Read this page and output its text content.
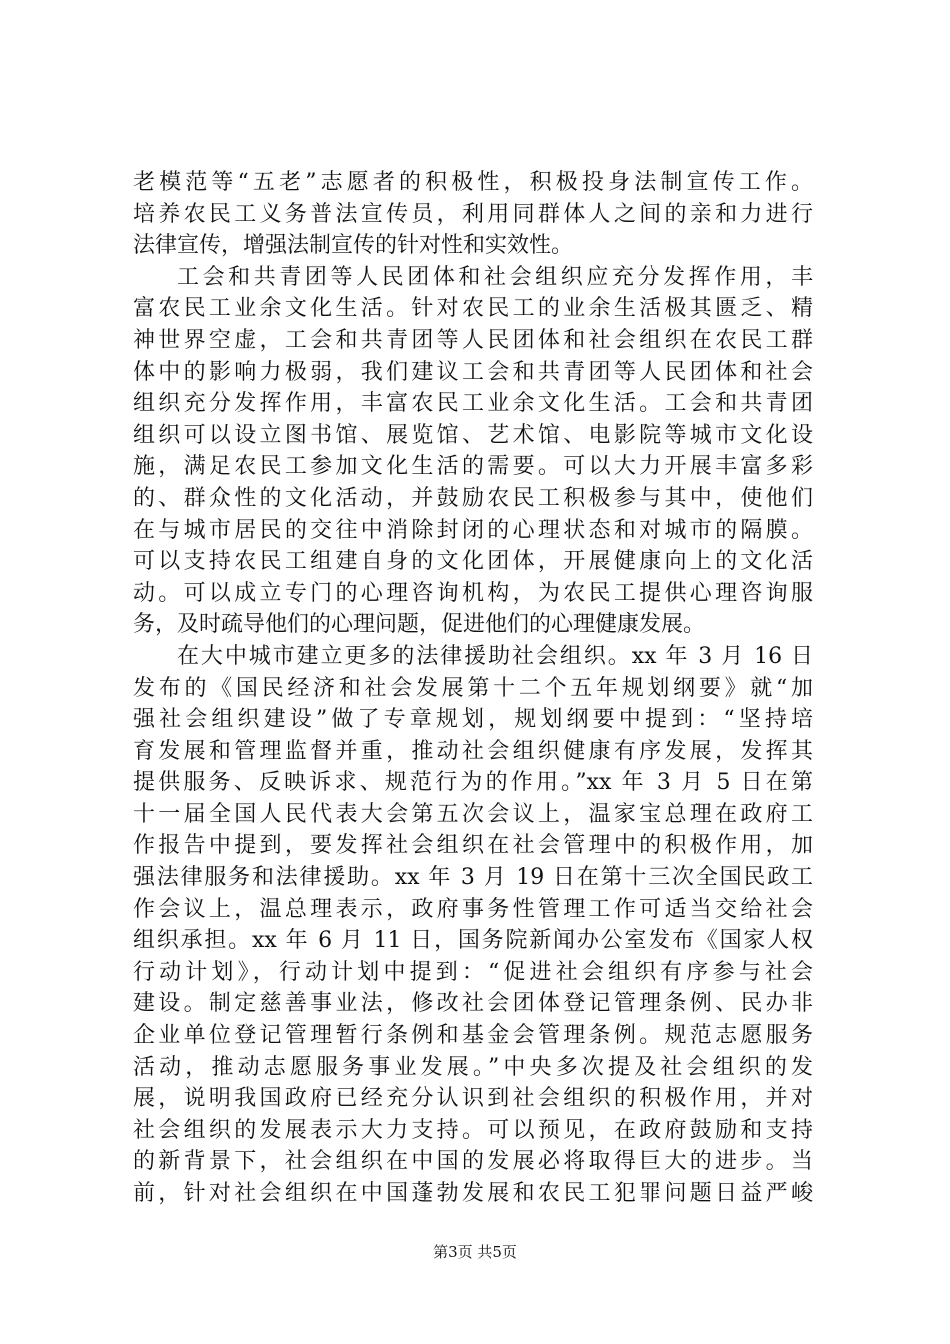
老模范等“五老”志愿者的积极性，积极投身法制宣传工作。
培养农民工义务普法宣传员，利用同群体人之间的亲和力进行
法律宣传，增强法制宣传的针对性和实效性。
工会和共青团等人民团体和社会组织应充分发挥作用，丰
富农民工业余文化生活。针对农民工的业余生活极其匮乏、精
神世界空虚，工会和共青团等人民团体和社会组织在农民工群
体中的影响力极弱，我们建议工会和共青团等人民团体和社会
组织充分发挥作用，丰富农民工业余文化生活。工会和共青团
组织可以设立图书馆、展览馆、艺术馆、电影院等城市文化设
施，满足农民工参加文化生活的需要。可以大力开展丰富多彩
的、群众性的文化活动，并鼓励农民工积极参与其中，使他们
在与城市居民的交往中消除封闭的心理状态和对城市的隔膜。
可以支持农民工组建自身的文化团体，开展健康向上的文化活
动。可以成立专门的心理咨询机构，为农民工提供心理咨询服
务，及时疏导他们的心理问题，促进他们的心理健康发展。
在大中城市建立更多的法律援助社会组织。xx 年 3 月 16 日
发布的《国民经济和社会发展第十二个五年规划纲要》就“加
强社会组织建设”做了专章规划，规划纲要中提到：“坚持培
育发展和管理监督并重，推动社会组织健康有序发展，发挥其
提供服务、反映诉求、规范行为的作用。”xx 年 3 月 5 日在第
十一届全国人民代表大会第五次会议上，温家宝总理在政府工
作报告中提到，要发挥社会组织在社会管理中的积极作用，加
强法律服务和法律援助。xx 年 3 月 19 日在第十三次全国民政工
作会议上，温总理表示，政府事务性管理工作可适当交给社会
组织承担。xx 年 6 月 11 日，国务院新闻办公室发布《国家人权
行动计划》，行动计划中提到：“促进社会组织有序参与社会
建设。制定慈善事业法，修改社会团体登记管理条例、民办非
企业单位登记管理暂行条例和基金会管理条例。规范志愿服务
活动，推动志愿服务事业发展。”中央多次提及社会组织的发
展，说明我国政府已经充分认识到社会组织的积极作用，并对
社会组织的发展表示大力支持。可以预见，在政府鼓励和支持
的新背景下，社会组织在中国的发展必将取得巨大的进步。当
前，针对社会组织在中国蓬勃发展和农民工犯罪问题日益严峻
第3页 共5页
